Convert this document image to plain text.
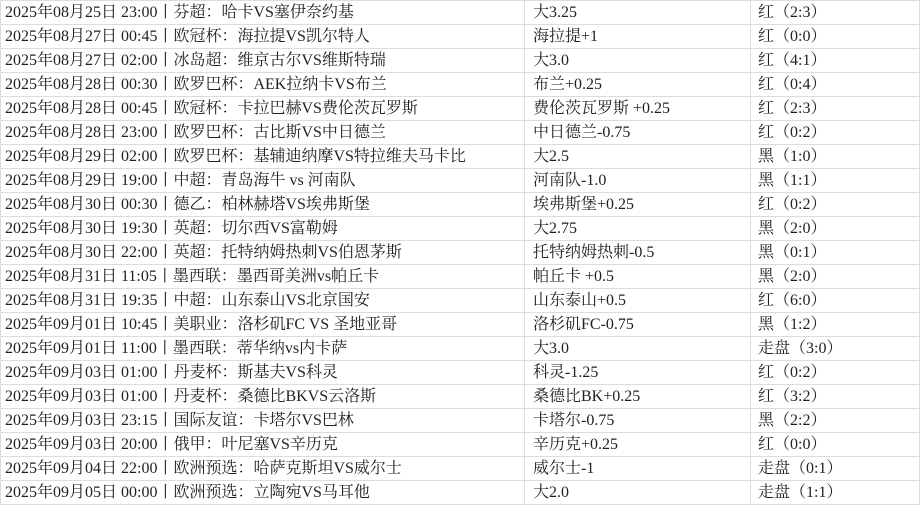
2025年08月25日 23:00丨芬超：哈卡VS塞伊奈约基	大3.25	红（2:3）
2025年08月27日 00:45丨欧冠杯：海拉提VS凯尔特人	海拉提+1	红（0:0）
2025年08月27日 02:00丨冰岛超：维京古尔VS维斯特瑞	大3.0	红（4:1）
2025年08月28日 00:30丨欧罗巴杯：AEK拉纳卡VS布兰	布兰+0.25	红（0:4）
2025年08月28日 00:45丨欧冠杯：卡拉巴赫VS费伦茨瓦罗斯	费伦茨瓦罗斯 +0.25	红（2:3）
2025年08月28日 23:00丨欧罗巴杯：古比斯VS中日德兰	中日德兰-0.75	红（0:2）
2025年08月29日 02:00丨欧罗巴杯：基辅迪纳摩VS特拉维夫马卡比	大2.5	黑（1:0）
2025年08月29日 19:00丨中超：青岛海牛 vs 河南队	河南队-1.0	黑（1:1）
2025年08月30日 00:30丨德乙：柏林赫塔VS埃弗斯堡	埃弗斯堡+0.25	红（0:2）
2025年08月30日 19:30丨英超：切尔西VS富勒姆	大2.75	黑（2:0）
2025年08月30日 22:00丨英超：托特纳姆热刺VS伯恩茅斯	托特纳姆热刺-0.5	黑（0:1）
2025年08月31日 11:05丨墨西联：墨西哥美洲vs帕丘卡	帕丘卡 +0.5	黑（2:0）
2025年08月31日 19:35丨中超：山东泰山VS北京国安	山东泰山+0.5	红（6:0）
2025年09月01日 10:45丨美职业：洛杉矶FC VS 圣地亚哥	洛杉矶FC-0.75	黑（1:2）
2025年09月01日 11:00丨墨西联：蒂华纳vs内卡萨	大3.0	走盘（3:0）
2025年09月03日 01:00丨丹麦杯：斯基夫VS科灵	科灵-1.25	红（0:2）
2025年09月03日 01:00丨丹麦杯：桑德比BKVS云洛斯	桑德比BK+0.25	红（3:2）
2025年09月03日 23:15丨国际友谊：卡塔尔VS巴林	卡塔尔-0.75	黑（2:2）
2025年09月03日 20:00丨俄甲：叶尼塞VS辛历克	辛历克+0.25	红（0:0）
2025年09月04日 22:00丨欧洲预选：哈萨克斯坦VS威尔士	威尔士-1	走盘（0:1）
2025年09月05日 00:00丨欧洲预选：立陶宛VS马耳他	大2.0	走盘（1:1）
